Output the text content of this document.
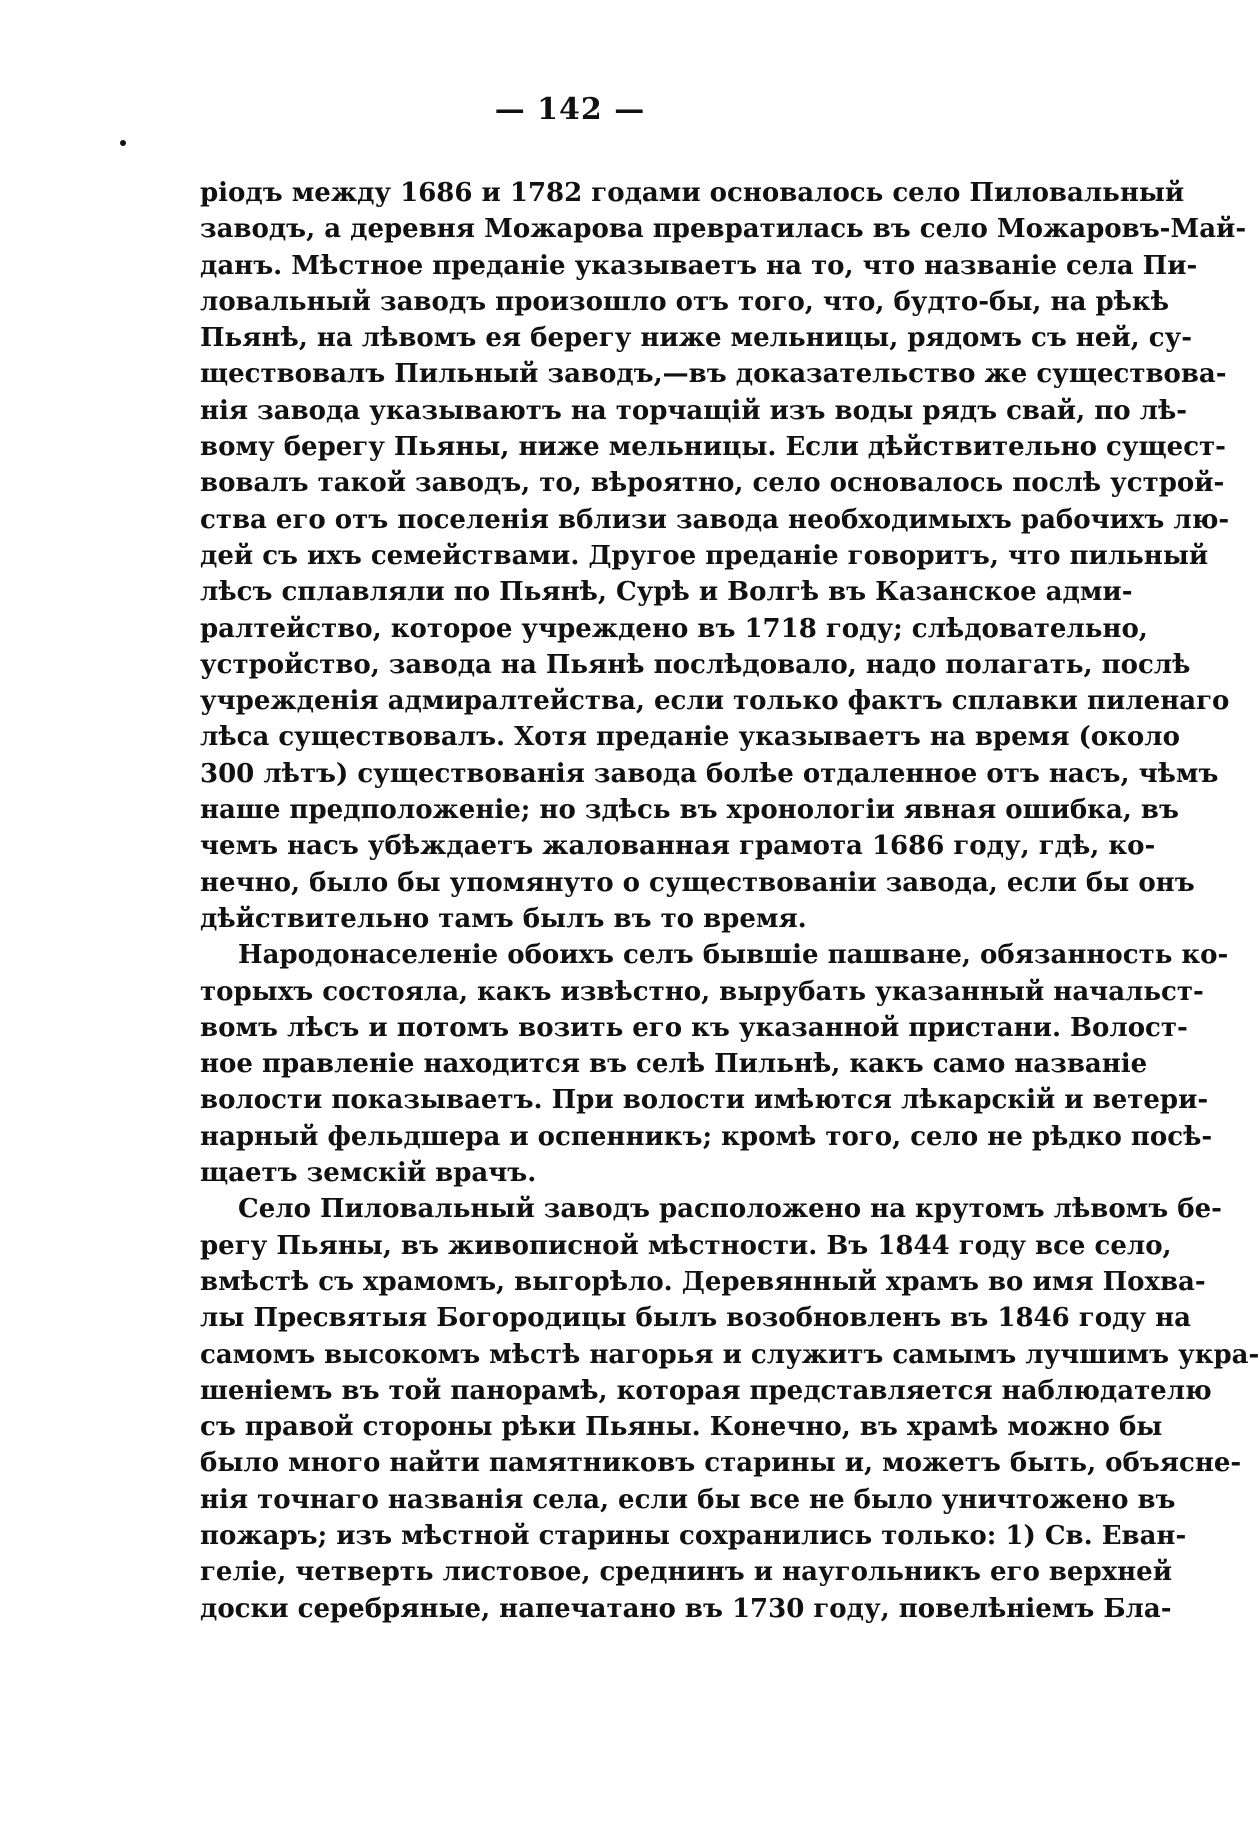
— 142 —
ріодъ между 1686 и 1782 годами основалось село Пиловальный
заводъ, а деревня Можарова превратилась въ село Можаровъ-Май-
данъ. Мѣстное преданіе указываетъ на то, что названіе села Пи-
ловальный заводъ произошло отъ того, что, будто-бы, на рѣкѣ
Пьянѣ, на лѣвомъ ея берегу ниже мельницы, рядомъ съ ней, су-
ществовалъ Пильный заводъ,—въ доказательство же существова-
нія завода указываютъ на торчащій изъ воды рядъ свай, по лѣ-
вому берегу Пьяны, ниже мельницы. Если дѣйствительно сущест-
вовалъ такой заводъ, то, вѣроятно, село основалось послѣ устрой-
ства его отъ поселенія вблизи завода необходимыхъ рабочихъ лю-
дей съ ихъ семействами. Другое преданіе говоритъ, что пильный
лѣсъ сплавляли по Пьянѣ, Сурѣ и Волгѣ въ Казанское адми-
ралтейство, которое учреждено въ 1718 году; слѣдовательно,
устройство, завода на Пьянѣ послѣдовало, надо полагать, послѣ
учрежденія адмиралтейства, если только фактъ сплавки пиленаго
лѣса существовалъ. Хотя преданіе указываетъ на время (около
300 лѣтъ) существованія завода болѣе отдаленное отъ насъ, чѣмъ
наше предположеніе; но здѣсь въ хронологіи явная ошибка, въ
чемъ насъ убѣждаетъ жалованная грамота 1686 году, гдѣ, ко-
нечно, было бы упомянуто о существованіи завода, если бы онъ
дѣйствительно тамъ былъ въ то время.
Народонаселеніе обоихъ селъ бывшіе пашване, обязанность ко-
торыхъ состояла, какъ извѣстно, вырубать указанный начальст-
вомъ лѣсъ и потомъ возить его къ указанной пристани. Волост-
ное правленіе находится въ селѣ Пильнѣ, какъ само названіе
волости показываетъ. При волости имѣются лѣкарскій и ветери-
нарный фельдшера и оспенникъ; кромѣ того, село не рѣдко посѣ-
щаетъ земскій врачъ.
Село Пиловальный заводъ расположено на крутомъ лѣвомъ бе-
регу Пьяны, въ живописной мѣстности. Въ 1844 году все село,
вмѣстѣ съ храмомъ, выгорѣло. Деревянный храмъ во имя Похва-
лы Пресвятыя Богородицы былъ возобновленъ въ 1846 году на
самомъ высокомъ мѣстѣ нагорья и служитъ самымъ лучшимъ укра-
шеніемъ въ той панорамѣ, которая представляется наблюдателю
съ правой стороны рѣки Пьяны. Конечно, въ храмѣ можно бы
было много найти памятниковъ старины и, можетъ быть, объясне-
нія точнаго названія села, если бы все не было уничтожено въ
пожаръ; изъ мѣстной старины сохранились только: 1) Св. Еван-
геліе, четверть листовое, среднинъ и наугольникъ его верхней
доски серебряные, напечатано въ 1730 году, повелѣніемъ Бла-
